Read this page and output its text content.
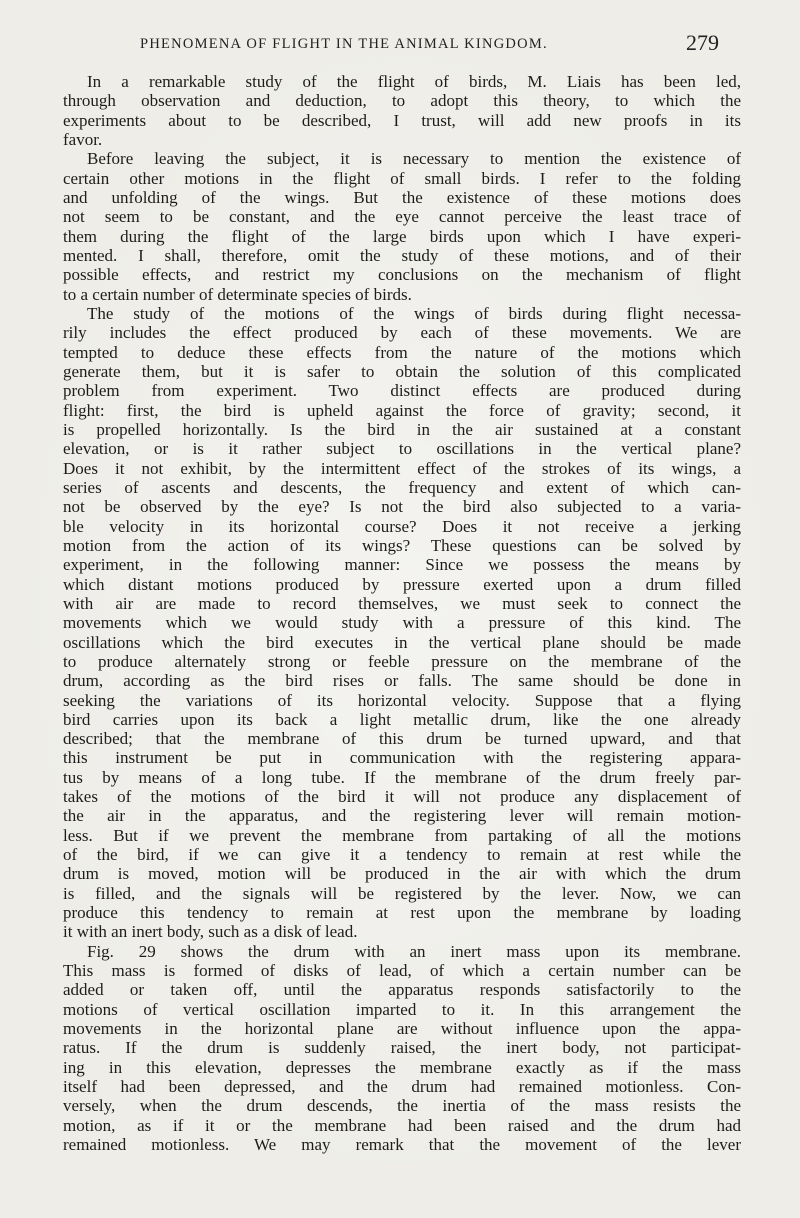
PHENOMENA OF FLIGHT IN THE ANIMAL KINGDOM.	279
In a remarkable study of the flight of birds, M. Liais has been led,
through observation and deduction, to adopt this theory, to which the
experiments about to be described, I trust, will add new proofs in its
favor.
Before leaving the subject, it is necessary to mention the existence of
certain other motions in the flight of small birds. I refer to the folding
and unfolding of the wings. But the existence of these motions does
not seem to be constant, and the eye cannot perceive the least trace of
them during the flight of the large birds upon which I have experi-
mented. I shall, therefore, omit the study of these motions, and of their
possible effects, and restrict my conclusions on the mechanism of flight
to a certain number of determinate species of birds.
The study of the motions of the wings of birds during flight necessa-
rily includes the effect produced by each of these movements. We are
tempted to deduce these effects from the nature of the motions which
generate them, but it is safer to obtain the solution of this complicated
problem from experiment. Two distinct effects are produced during
flight: first, the bird is upheld against the force of gravity; second, it
is propelled horizontally. Is the bird in the air sustained at a constant
elevation, or is it rather subject to oscillations in the vertical plane?
Does it not exhibit, by the intermittent effect of the strokes of its wings, a
series of ascents and descents, the frequency and extent of which can-
not be observed by the eye? Is not the bird also subjected to a varia-
ble velocity in its horizontal course? Does it not receive a jerking
motion from the action of its wings? These questions can be solved by
experiment, in the following manner: Since we possess the means by
which distant motions produced by pressure exerted upon a drum filled
with air are made to record themselves, we must seek to connect the
movements which we would study with a pressure of this kind. The
oscillations which the bird executes in the vertical plane should be made
to produce alternately strong or feeble pressure on the membrane of the
drum, according as the bird rises or falls. The same should be done in
seeking the variations of its horizontal velocity. Suppose that a flying
bird carries upon its back a light metallic drum, like the one already
described; that the membrane of this drum be turned upward, and that
this instrument be put in communication with the registering appara-
tus by means of a long tube. If the membrane of the drum freely par-
takes of the motions of the bird it will not produce any displacement of
the air in the apparatus, and the registering lever will remain motion-
less. But if we prevent the membrane from partaking of all the motions
of the bird, if we can give it a tendency to remain at rest while the
drum is moved, motion will be produced in the air with which the drum
is filled, and the signals will be registered by the lever. Now, we can
produce this tendency to remain at rest upon the membrane by loading
it with an inert body, such as a disk of lead.
Fig. 29 shows the drum with an inert mass upon its membrane.
This mass is formed of disks of lead, of which a certain number can be
added or taken off, until the apparatus responds satisfactorily to the
motions of vertical oscillation imparted to it. In this arrangement the
movements in the horizontal plane are without influence upon the appa-
ratus. If the drum is suddenly raised, the inert body, not participat-
ing in this elevation, depresses the membrane exactly as if the mass
itself had been depressed, and the drum had remained motionless. Con-
versely, when the drum descends, the inertia of the mass resists the
motion, as if it or the membrane had been raised and the drum had
remained motionless. We may remark that the movement of the lever
